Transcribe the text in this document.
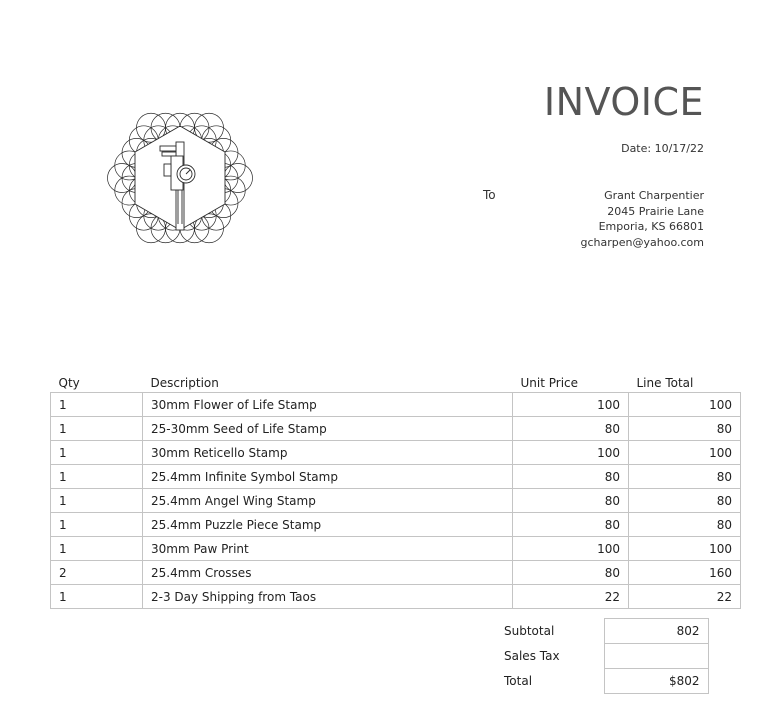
INVOICE
Date: 10/17/22
To	Grant Charpentier
2045 Prairie Lane
Emporia, KS 66801
gcharpen@yahoo.com
Qty	Description	Unit Price	Line Total
1	30mm Flower of Life Stamp	100	100
1	25-30mm Seed of Life Stamp	80	80
1	30mm Reticello Stamp	100	100
1	25.4mm Infinite Symbol Stamp	80	80
1	25.4mm Angel Wing Stamp	80	80
1	25.4mm Puzzle Piece Stamp	80	80
1	30mm Paw Print	100	100
2	25.4mm Crosses	80	160
1	2-3 Day Shipping from Taos	22	22
Subtotal	802
Sales Tax	
Total	$802
